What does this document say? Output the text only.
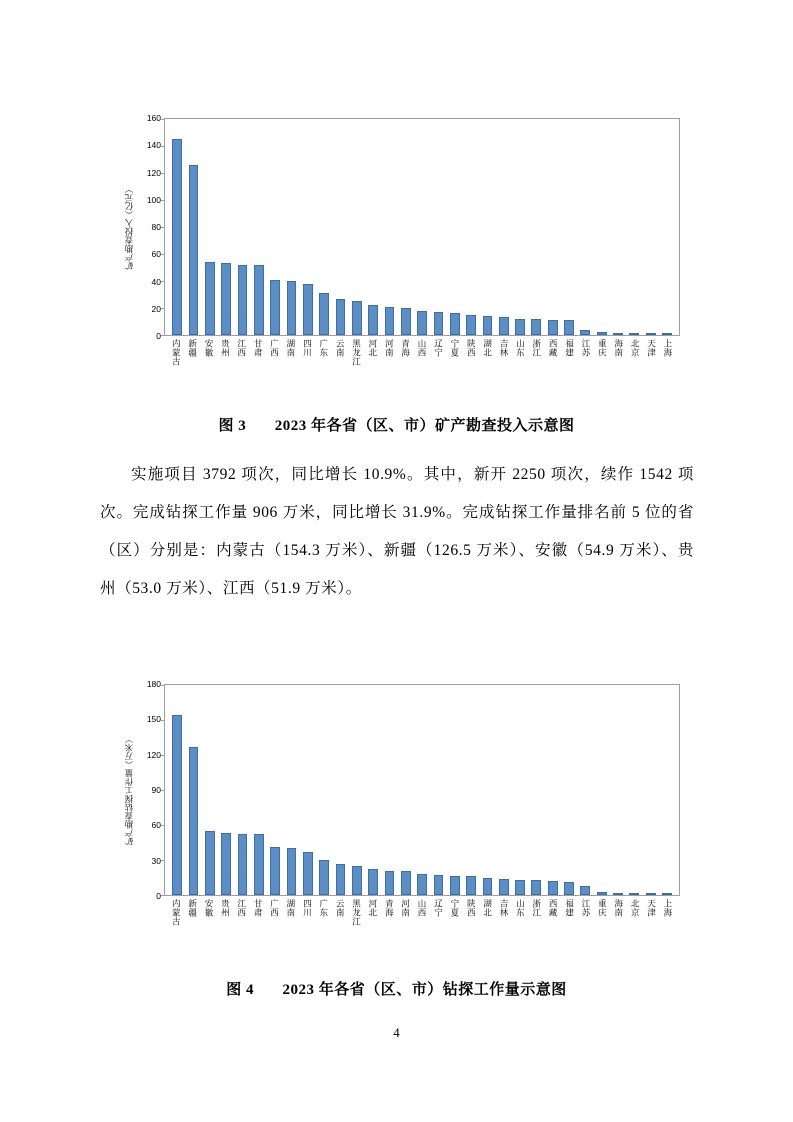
矿产勘查投入（亿元）
0
20
40
60
80
100
120
140
160
内蒙古 新疆 安徽 贵州 江西 甘肃 广西 湖南 四川 广东 云南 黑龙江 河北 河南 青海 山西 辽宁 宁夏 陕西 湖北 吉林 山东 浙江 西藏 福建 江苏 重庆 海南 北京 天津 上海
图 3 2023 年各省（区、市）矿产勘查投入示意图

实施项目 3792 项次，同比增长 10.9%。其中，新开 2250 项次，续作 1542 项次。完成钻探工作量 906 万米，同比增长 31.9%。完成钻探工作量排名前 5 位的省（区）分别是：内蒙古（154.3 万米）、新疆（126.5 万米）、安徽（54.9 万米）、贵州（53.0 万米）、江西（51.9 万米）。

矿产勘查钻探工作量（万米）
0
30
60
90
120
150
180
内蒙古 新疆 安徽 贵州 江西 甘肃 广西 湖南 四川 广东 云南 黑龙江 河北 青海 河南 山西 辽宁 宁夏 陕西 湖北 吉林 山东 浙江 西藏 福建 江苏 重庆 海南 北京 天津 上海
图 4 2023 年各省（区、市）钻探工作量示意图
4
